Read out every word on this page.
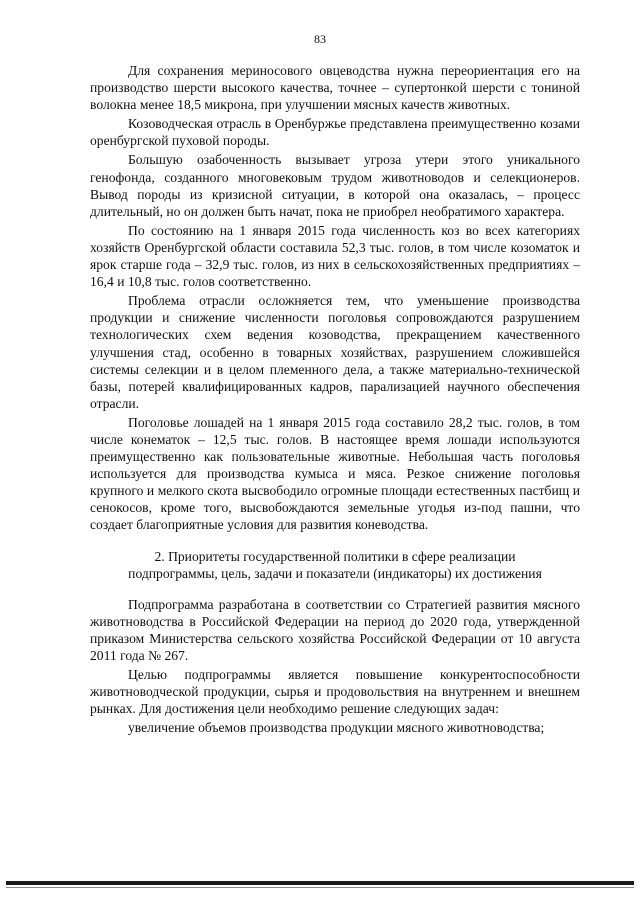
83

Для сохранения мериносового овцеводства нужна переориентация его на производство шерсти высокого качества, точнее – супертонкой шерсти с тониной волокна менее 18,5 микрона, при улучшении мясных качеств животных.

Козоводческая отрасль в Оренбуржье представлена преимущественно козами оренбургской пуховой породы.

Большую озабоченность вызывает угроза утери этого уникального генофонда, созданного многовековым трудом животноводов и селекционеров. Вывод породы из кризисной ситуации, в которой она оказалась, – процесс длительный, но он должен быть начат, пока не приобрел необратимого характера.

По состоянию на 1 января 2015 года численность коз во всех категориях хозяйств Оренбургской области составила 52,3 тыс. голов, в том числе козоматок и ярок старше года – 32,9 тыс. голов, из них в сельскохозяйственных предприятиях – 16,4 и 10,8 тыс. голов соответственно.

Проблема отрасли осложняется тем, что уменьшение производства продукции и снижение численности поголовья сопровождаются разрушением технологических схем ведения козоводства, прекращением качественного улучшения стад, особенно в товарных хозяйствах, разрушением сложившейся системы селекции и в целом племенного дела, а также материально-технической базы, потерей квалифицированных кадров, парализацией научного обеспечения отрасли.

Поголовье лошадей на 1 января 2015 года составило 28,2 тыс. голов, в том числе конематок – 12,5 тыс. голов. В настоящее время лошади используются преимущественно как пользовательные животные. Небольшая часть поголовья используется для производства кумыса и мяса. Резкое снижение поголовья крупного и мелкого скота высвободило огромные площади естественных пастбищ и сенокосов, кроме того, высвобождаются земельные угодья из-под пашни, что создает благоприятные условия для развития коневодства.

2. Приоритеты государственной политики в сфере реализации
подпрограммы, цель, задачи и показатели (индикаторы) их достижения

Подпрограмма разработана в соответствии со Стратегией развития мясного животноводства в Российской Федерации на период до 2020 года, утвержденной приказом Министерства сельского хозяйства Российской Федерации от 10 августа 2011 года № 267.

Целью подпрограммы является повышение конкурентоспособности животноводческой продукции, сырья и продовольствия на внутреннем и внешнем рынках. Для достижения цели необходимо решение следующих задач:

увеличение объемов производства продукции мясного животноводства;
